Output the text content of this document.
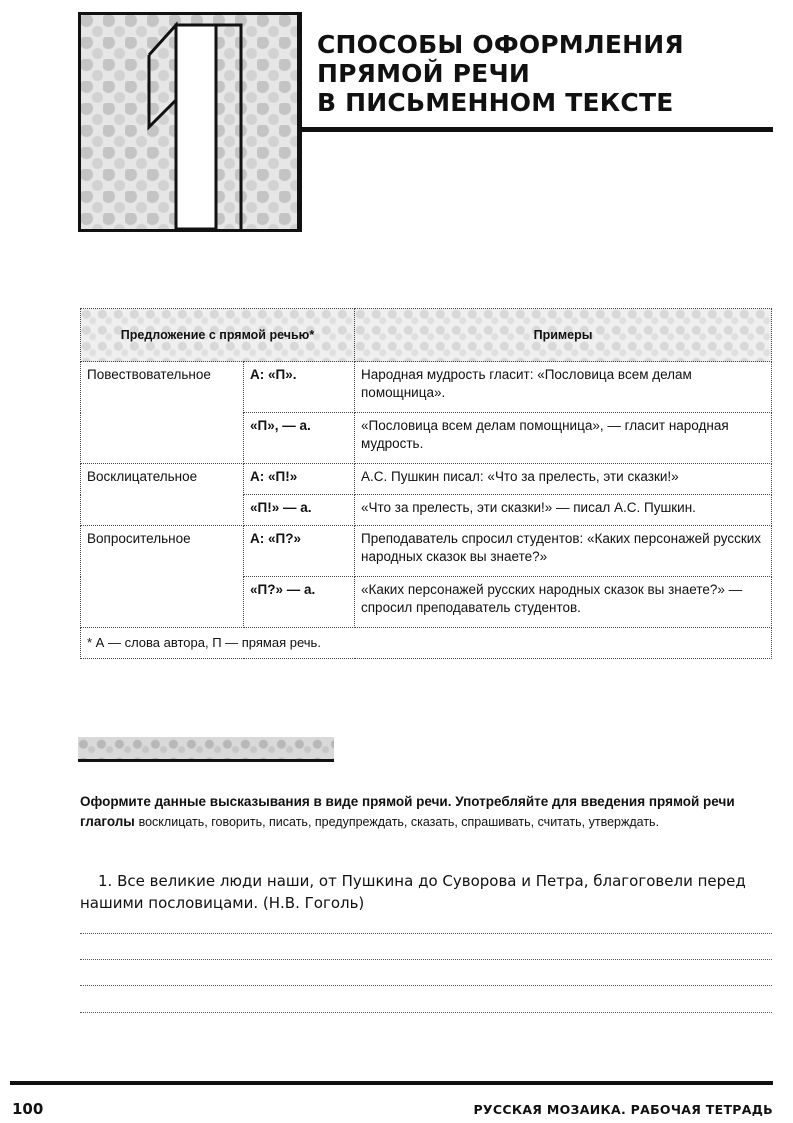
СПОСОБЫ ОФОРМЛЕНИЯ
ПРЯМОЙ РЕЧИ
В ПИСЬМЕННОМ ТЕКСТЕ
Предложение с прямой речью*		Примеры
Повествовательное	А: «П».	Народная мудрость гласит: «Пословица всем делам помощница».
	«П», — а.	«Пословица всем делам помощница», — гласит народная мудрость.
Восклицательное	А: «П!»	А.С. Пушкин писал: «Что за прелесть, эти сказки!»
	«П!» — а.	«Что за прелесть, эти сказки!» — писал А.С. Пушкин.
Вопросительное	А: «П?»	Преподаватель спросил студентов: «Каких персонажей русских народных сказок вы знаете?»
	«П?» — а.	«Каких персонажей русских народных сказок вы знаете?» — спросил преподаватель студентов.
* А — слова автора, П — прямая речь.		

Оформите данные высказывания в виде прямой речи. Употребляйте для введения прямой речи глаголы восклицать, говорить, писать, предупреждать, сказать, спрашивать, считать, утверждать.

1. Все великие люди наши, от Пушкина до Суворова и Петра, благоговели перед нашими пословицами. (Н.В. Гоголь)

100	РУССКАЯ МОЗАИКА. РАБОЧАЯ ТЕТРАДЬ
